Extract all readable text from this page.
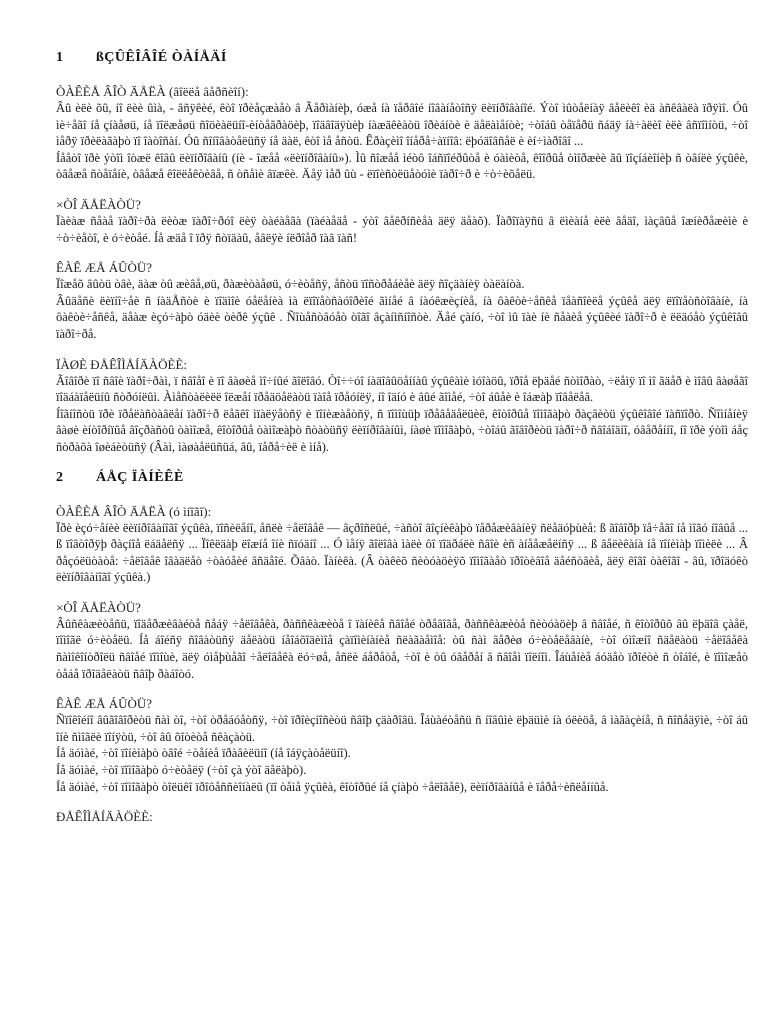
1	ßÇÛÊÎÂÎÉ ÒÀÍÅÄÍ
ÒÀÊÈÅ ÂÎÒ ÄÅËÀ (âîëëå âåðñèîí):

Âû èëè õû, íî ëèè ûìà, - âñÿêèé, êòî ïðèåçæàåò â Ãåðìàíèþ, óæå íà ïåðâîé íîâàíåòîñÿ ëèïíðîâàíîé. Ýòî ìûòåëíàÿ âåëèêî èä àñêâàëà ïðÿìî. Óû ìè÷åãî íå çíàåøü, íå ïîëæåøü ñîöèàëüíî-èíòåãðàöèþ, ïîäâîäÿùèþ íàæäêèàòü îðèáíòè è äåëàìåíòè; ÷òîáû òåïåðü ñáäÿ íà÷àëèî èëè âñïîìíòü, ÷òî ìåðÿ ïðèëàãàþò ïî îàòîñàí. Óû ñîíîâàòåëüñÿ íå äàë, êòî ìå åñòü. Êðàçèìî îíåðå÷àïíîâ: ëþóäîâñåë è èí÷ìàðîâî ...

Íååòî ïðè ýòîì îòæë êîâû ëèïíðîâàíû (íè - îæåå «ëèïíðîâàíû»). Ìû ñîæåå ìéòô îáñïîéðûòå è óàìèòå, êîîðûå òìîðæèè ãû ïîçíáèîíèþ ñ òâíëè ýçûêè, òâåæå ñòåïåíè, òâåæå êîëëåêòèâå, ñ òñåìè âïæêè. Äåÿ ìåð ûù - ëïîèñòëüåòóìè ïàðî÷ð è ÷ò÷èõåëü.

×ÒÎ ÄÅËÀÒÜ?

Ïàèàæ ñåàå ïàðî÷ðà ëèòæ ïàðî÷ðóî ëèÿ òàéàåãà (ïàéàåäå - ýòî âåêðíñèåà äëÿ äåàõ). Ïàðîïàÿñü â ëìèàíå èëè âåäî, ìàçâûå îæíèðåæèìè è ÷ò÷èåòî, è ó÷èòåé. Íå æäå î ïðÿ ñòïäàû, åâëÿè íëðîåð ïàâ ïàñ!

ÊÀÊ ÆÅ ÁÛÒÜ?

Ïîæåõ âûòü òâè, äàæ òû æèâå,øü, ðàæèòàåøü, ó÷èòåñÿ, åñòü ïîñòðåáèåè äëÿ ñîçäàíèÿ òàëàíòà.

Âûäåñè ëèïíî÷åè ñ íàäÅñòè è ïîäìîè óåëåíèà ìà ëïîïåòñàóîðèîé ãìíåé â íàóêæèçíèå, íà ôàêòè÷åñêå ïåàñîèëå ýçûêå äëÿ ëïîïåòñòîâàíè, íà ôàêòè÷åñêå, äåàæ èçó÷àþò óäèè òèðê ýçûê . Ñîùåñòâóåò òîãî âçàíìñíîñòè. Äåé çàíó, ÷òî ìû ïàè íè ñåàèå ýçûêèé ïàðî÷ð è ëëäóåò ýçûêîâû ïàðî÷ðå.

ÏÀØÈ ÐÅÊÎÌÅÍÄÀÖÈÈ:

Ãîâîðè ïî ñâîè ïàðî÷ðàì, ï ñâîåî è ïî âàøèå ìî÷íûé ãîëîâó. Òî÷÷óî íàäîâûöåííàû ýçûêàìè ìóîàöû, ïðîå ëþäåé ñòìîðàò, ÷ëåìÿ ïî ìî ãäåð è ìîâû âàøåãî ïîäáàïåëüíû ñòðóíëûì. Àìåñòàëèëë îëæåí ïðåäöåëàòü ïàîå ïðåóíëÿ, íî îäíó è âûé ãîìåé, ÷òî áûåè è îáæàþ ïîâåëåâ.

Íîãíîñòü ïðè ïðåëàñòàâëåí ïàðî÷ð ëåãêî ìïàëÿåòñÿ è ïîíèæàåòñÿ, ñ ïîìîùüþ ïðåâåäåëüèê, êîòîðûå ïîìîãàþò ðàçâèòü ýçûêîâîé ïàñïîðò. Ñîìíåíèÿ âàøè èíòîðíïûå âîçðàñòû òàìîæå, êîòîðûå òàìîæàþò ñòàòüñÿ ëèïíðîâàíûì, íàøè ïîìîãàþò, ÷òîáû ãîâîðèòü ïàðî÷ð ñâîáîäíî, óâåðåííî, íî ïðè ýòîì áåç ñòðàõà îøèáèòüñÿ (Âàì, ìàøàåëüñüá, âû, ïåðå÷èë è ìíå).

2	ÁÅÇ ÏÀÍÈÊÈ
ÒÀÊÈÅ ÂÎÒ ÄÅËÀ (ó ìíîãî):

Ïðè èçó÷åíèè ëèïíðîâàíîãî ýçûêà, ïîñèëåíî, åñëè ÷åëîâåê — âçðîñëûé, ÷àñòî âîçíèêàþò ïåðåæèâàíèÿ ñëåäóþùèå: ß ãîâîðþ ïå÷åãî íå ìîãó íîâûå ... ß ïîâòîðÿþ ðàçíîå ëáäåëñÿ ... Ïîêëäàþ ëîæíå îíè ñïóäíî ... Ó ìåíÿ ãîëîâà ìàëè ôî ïîäðáëè ñâîè èñ àíååæåëíñÿ ... ß âåëèêàíà íå ïîíèìàþ ïîìèëè ... Â ðåçóëüòàòå: ÷åëîâåê îâàäëåò ÷òàóåèé âñäåîé. Õâàò. Ïàíèêà. (Â òàêèõ ñèòóàöèÿõ ïîìîãàåò ïðîòèâîå äåéñòâèå, äëÿ êîãî òàêîãî - âû, ïðîäóêò ëèïíðîâàíîãî ýçûêà.)

×ÒÎ ÄÅËÀÒÜ?

Âûñêàæèòåñü, ïîäåðæèâàéòå ñåáÿ ÷åëîâåêà, ðàññêàæèòå î ïàíèêå ñâîåé òðåâîãå, ðàññêàæèòå ñèòóàöèþ â ñâîåé, ñ êîòîðûõ âû ëþäîâ çàåë, ïîìîãë ó÷èòåëü. Íå áîéñÿ ñîâàòüñÿ äåëàòü íåîáõîäèìîå çàïîìèíàíèå ñëàãàåìîå: òû ñàì âåðèø ó÷èòåëåâàíè, ÷òî óìîæíî ñäåëàòü ÷åëîâåêà ñàìîêîíòðîëü ñâîåé ïîìîùè, äëÿ óìåþùåãî ÷åëîâåêà ëó÷øå, åñëè áåðåòå, ÷òî è òû óâåðåí â ñâîåì ïîëíîì. Îáùåíèå áóäåò ïðîéòè ñ òîáîé, è ïîìîæåò òåáå ïðîäåëàòü ñâîþ ðàáîòó.

ÊÀÊ ÆÅ ÁÛÒÜ?

Ñïîêîéíî âûãîâîðèòü ñàì òî, ÷òî òðåáóåòñÿ, ÷òî ïðîèçíîñèòü ñâîþ çäàðîâü. Îáùàéòåñü ñ íîâûìè ëþäüìè íà óëèöå, â ìàãàçèíå, ñ ñîñåäÿìè, ÷òî áû îíè ñìîãëè ïîíÿòü, ÷òî âû õîòèòå ñêàçàòü.

Íå äóìàé, ÷òî ïîíèìàþò òâîé ÷òåíèå ïðàâèëüíî (íå îáÿçàòåëüíî).

Íå äóìàé, ÷òî ïîìîãàþò ó÷èòåëÿ (÷òî çà ýòî äåëàþò).

Íå äóìàé, ÷òî ïîìîãàþò òîëüêî ïðîôåññèîíàëû (ïî òåìå ÿçûêà, êîòîðûé íå çíàþò ÷åëîâåê), ëèïíðîâàíûå è ïåðå÷èñëåííûå.

ÐÅÊÎÌÅÍÄÀÖÈÈ:
